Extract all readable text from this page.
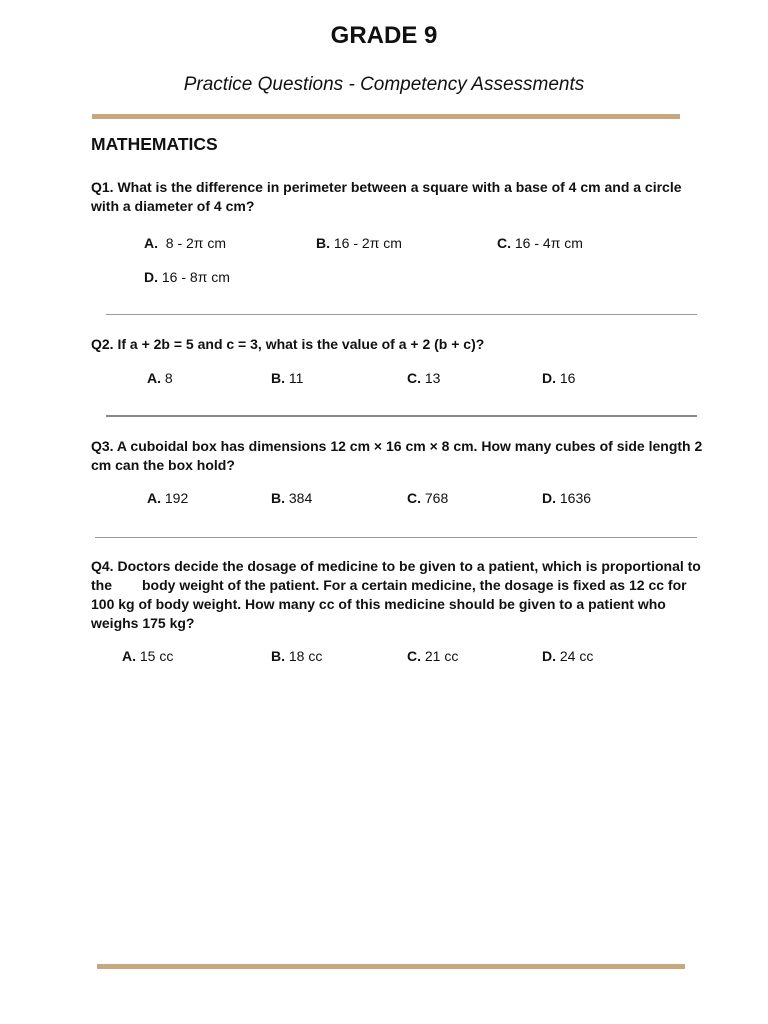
GRADE 9
Practice Questions - Competency Assessments
MATHEMATICS
Q1. What is the difference in perimeter between a square with a base of 4 cm and a circle with a diameter of 4 cm?
A. 8 - 2π cm	B. 16 - 2π cm	C. 16 - 4π cm
D. 16 - 8π cm
Q2. If a + 2b = 5 and c = 3, what is the value of a + 2 (b + c)?
A. 8	B. 11	C. 13	D. 16
Q3. A cuboidal box has dimensions 12 cm × 16 cm × 8 cm. How many cubes of side length 2 cm can the box hold?
A. 192	B. 384	C. 768	D. 1636
Q4. Doctors decide the dosage of medicine to be given to a patient, which is proportional to the body weight of the patient. For a certain medicine, the dosage is fixed as 12 cc for 100 kg of body weight. How many cc of this medicine should be given to a patient who weighs 175 kg?
A. 15 cc	B. 18 cc	C. 21 cc	D. 24 cc
